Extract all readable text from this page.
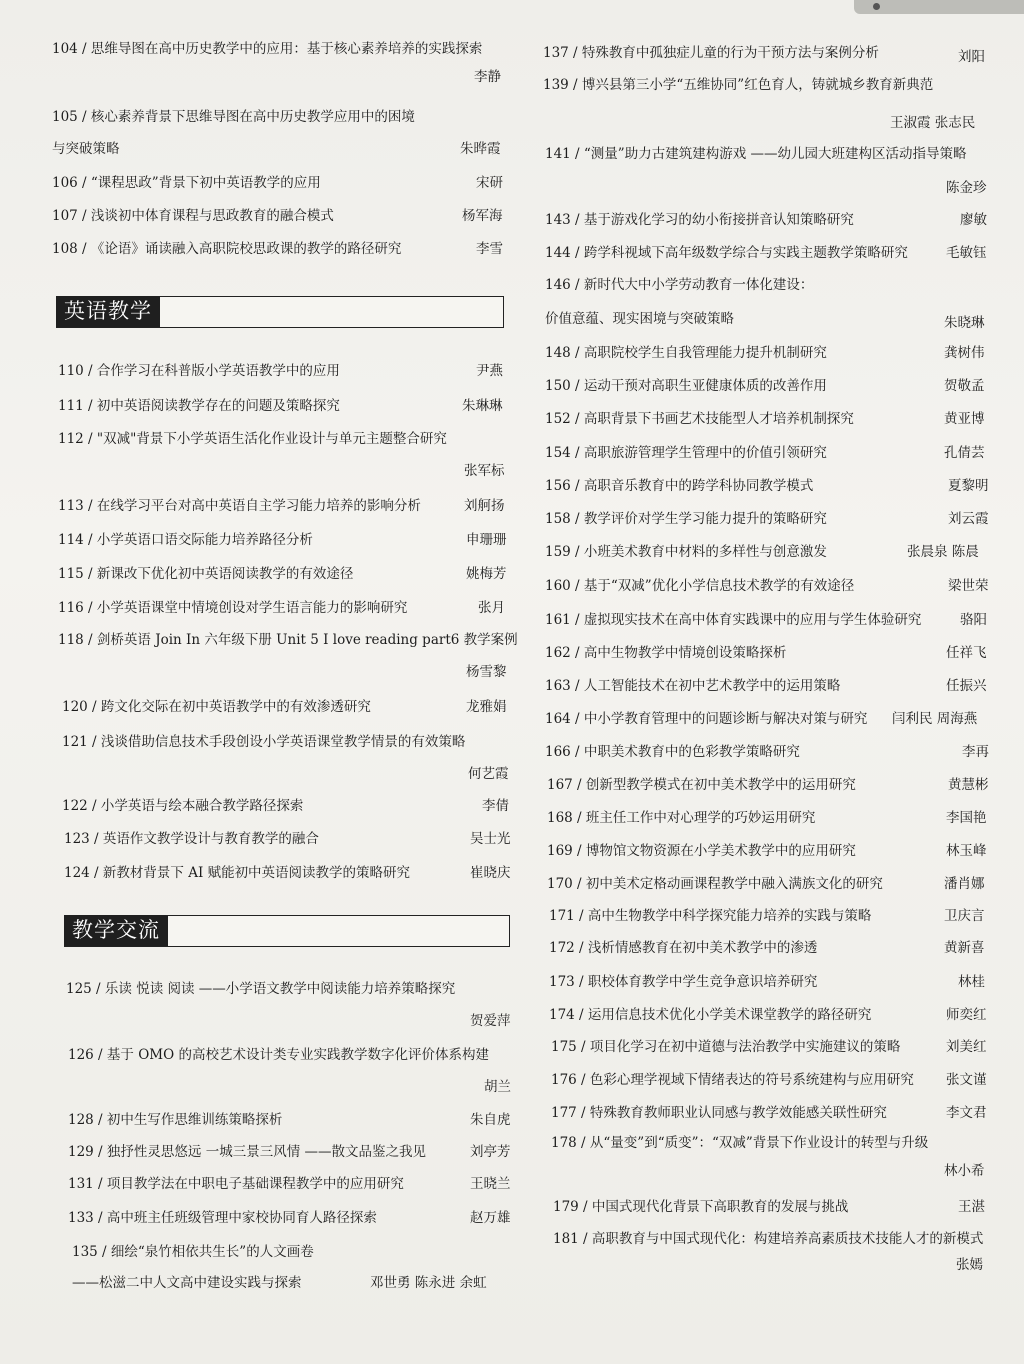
104 / 思维导图在高中历史教学中的应用：基于核心素养培养的实践探索
李静
105 / 核心素养背景下思维导图在高中历史教学应用中的困境
与突破策略	朱晔霞
106 / “课程思政”背景下初中英语教学的应用	宋研
107 / 浅谈初中体育课程与思政教育的融合模式	杨军海
108 / 《论语》诵读融入高职院校思政课的教学的路径研究	李雪
110 / 合作学习在科普版小学英语教学中的应用	尹燕
111 / 初中英语阅读教学存在的问题及策略探究	朱琳琳
112 / "双减"背景下小学英语生活化作业设计与单元主题整合研究
张军标
113 / 在线学习平台对高中英语自主学习能力培养的影响分析	刘舸扬
114 / 小学英语口语交际能力培养路径分析	申珊珊
115 / 新课改下优化初中英语阅读教学的有效途径	姚梅芳
116 / 小学英语课堂中情境创设对学生语言能力的影响研究	张月
118 / 剑桥英语 Join In 六年级下册 Unit 5 I love reading part6 教学案例
杨雪黎
120 / 跨文化交际在初中英语教学中的有效渗透研究	龙雅娟
121 / 浅谈借助信息技术手段创设小学英语课堂教学情景的有效策略
何艺霞
122 / 小学英语与绘本融合教学路径探索	李倩
123 / 英语作文教学设计与教育教学的融合	吴士光
124 / 新教材背景下 AI 赋能初中英语阅读教学的策略研究	崔晓庆
125 / 乐读 悦读 阅读 ——小学语文教学中阅读能力培养策略探究
贺爱萍
126 / 基于 OMO 的高校艺术设计类专业实践教学数字化评价体系构建
胡兰
128 / 初中生写作思维训练策略探析	朱自虎
129 / 独抒性灵思悠远 一城三景三风情 ——散文品鉴之我见	刘亭芳
131 / 项目教学法在中职电子基础课程教学中的应用研究	王晓兰
133 / 高中班主任班级管理中家校协同育人路径探索	赵万雄
135 / 细绘“泉竹相依共生长”的人文画卷
——松滋二中人文高中建设实践与探索	邓世勇 陈永进 余虹
英语教学
教学交流
137 / 特殊教育中孤独症儿童的行为干预方法与案例分析	刘阳
139 / 博兴县第三小学“五维协同”红色育人，铸就城乡教育新典范
王淑霞 张志民
141 / “测量”助力古建筑建构游戏 ——幼儿园大班建构区活动指导策略
陈金珍
143 / 基于游戏化学习的幼小衔接拼音认知策略研究	廖敏
144 / 跨学科视域下高年级数学综合与实践主题教学策略研究	毛敏钰
146 / 新时代大中小学劳动教育一体化建设：
价值意蕴、现实困境与突破策略	朱晓琳
148 / 高职院校学生自我管理能力提升机制研究	龚树伟
150 / 运动干预对高职生亚健康体质的改善作用	贺敬孟
152 / 高职背景下书画艺术技能型人才培养机制探究	黄亚博
154 / 高职旅游管理学生管理中的价值引领研究	孔倩芸
156 / 高职音乐教育中的跨学科协同教学模式	夏黎明
158 / 教学评价对学生学习能力提升的策略研究	刘云霞
159 / 小班美术教育中材料的多样性与创意激发	张晨泉 陈晨
160 / 基于“双减”优化小学信息技术教学的有效途径	梁世荣
161 / 虚拟现实技术在高中体育实践课中的应用与学生体验研究	骆阳
162 / 高中生物教学中情境创设策略探析	任祥飞
163 / 人工智能技术在初中艺术教学中的运用策略	任振兴
164 / 中小学教育管理中的问题诊断与解决对策与研究 闫利民 周海燕
166 / 中职美术教育中的色彩教学策略研究	李再
167 / 创新型教学模式在初中美术教学中的运用研究	黄慧彬
168 / 班主任工作中对心理学的巧妙运用研究	李国艳
169 / 博物馆文物资源在小学美术教学中的应用研究	林玉峰
170 / 初中美术定格动画课程教学中融入满族文化的研究	潘肖娜
171 / 高中生物教学中科学探究能力培养的实践与策略	卫庆言
172 / 浅析情感教育在初中美术教学中的渗透	黄新喜
173 / 职校体育教学中学生竞争意识培养研究	林桂
174 / 运用信息技术优化小学美术课堂教学的路径研究	师奕红
175 / 项目化学习在初中道德与法治教学中实施建议的策略	刘美红
176 / 色彩心理学视域下情绪表达的符号系统建构与应用研究 张文谨
177 / 特殊教育教师职业认同感与教学效能感关联性研究	李文君
178 / 从“量变”到“质变”：“双减”背景下作业设计的转型与升级
林小希
179 / 中国式现代化背景下高职教育的发展与挑战	王湛
181 / 高职教育与中国式现代化：构建培养高素质技术技能人才的新模式
张嫣
